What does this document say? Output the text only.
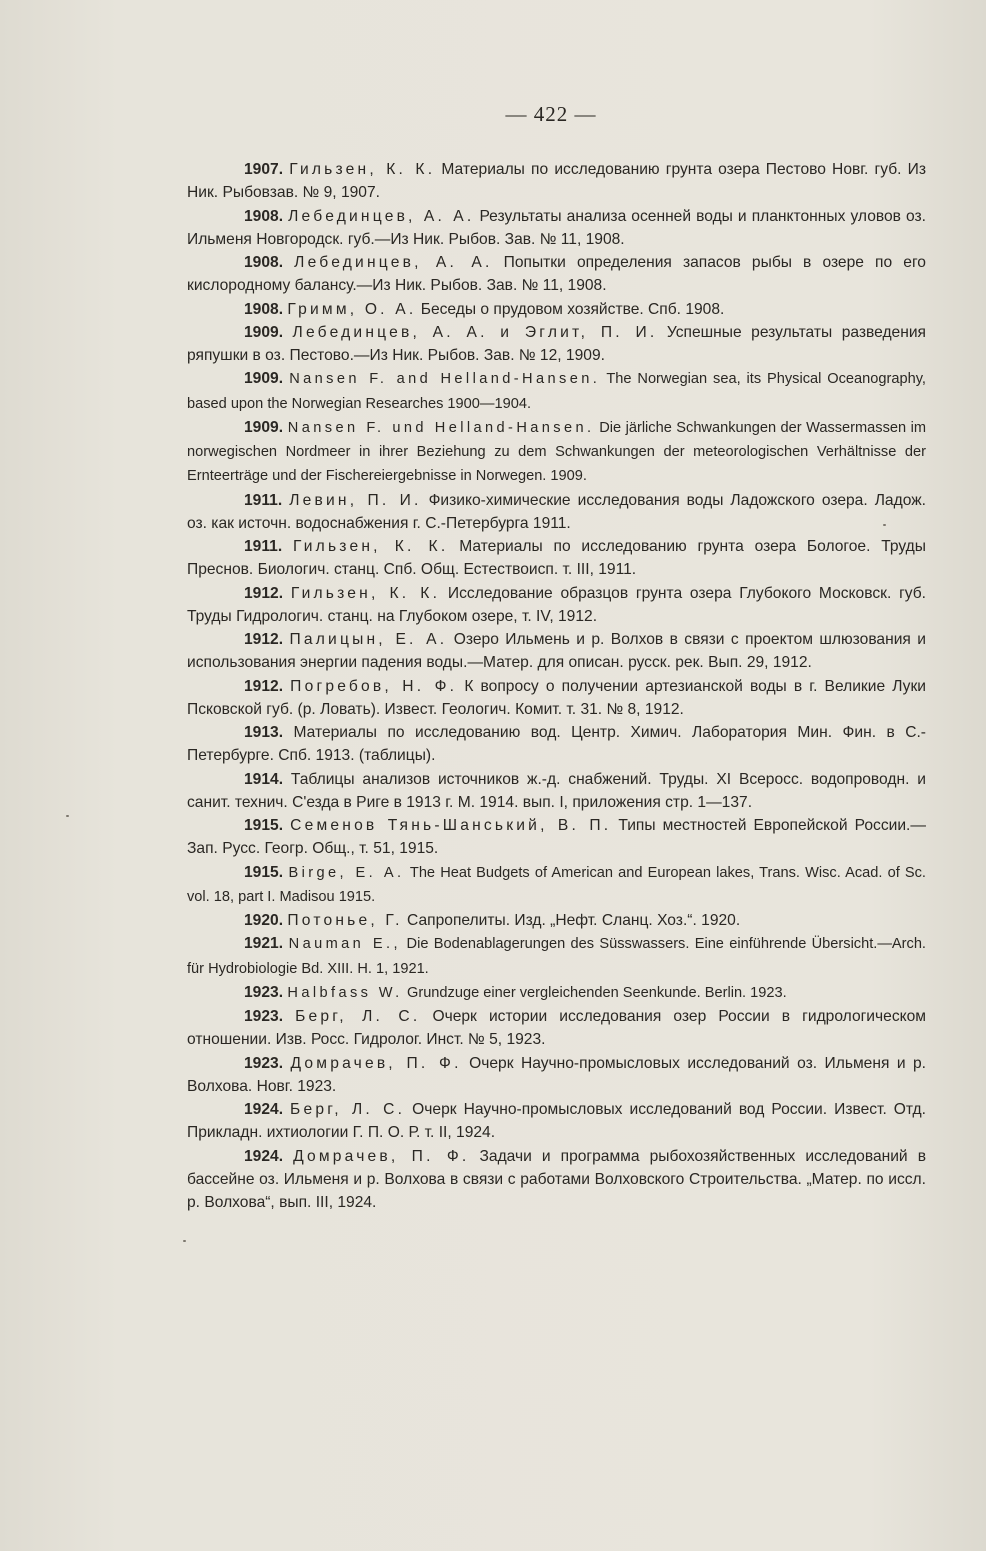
— 422 —

1907. Гильзен, К. К. Материалы по исследованию грунта озера Пестово Новг. губ. Из Ник. Рыбовзав. № 9, 1907.

1908. Лебединцев, А. А. Результаты анализа осенней воды и планктонных уловов оз. Ильменя Новгородск. губ.—Из Ник. Рыбов. Зав. № 11, 1908.

1908. Лебединцев, А. А. Попытки определения запасов рыбы в озере по его кислородному балансу.—Из Ник. Рыбов. Зав. № 11, 1908.

1908. Гримм, О. А. Беседы о прудовом хозяйстве. Спб. 1908.

1909. Лебединцев, А. А. и Эглит, П. И. Успешные результаты разведения ряпушки в оз. Пестово.—Из Ник. Рыбов. Зав. № 12, 1909.

1909. Nansen F. and Helland-Hansen. The Norwegian sea, its Physical Oceanography, based upon the Norwegian Researches 1900—1904.

1909. Nansen F. und Helland-Hansen. Die järliche Schwankungen der Wassermassen im norwegischen Nordmeer in ihrer Beziehung zu dem Schwankungen der meteorologischen Verhältnisse der Ernteerträge und der Fischereiergebnisse in Norwegen. 1909.

1911. Левин, П. И. Физико-химические исследования воды Ладожского озера. Ладож. оз. как источн. водоснабжения г. С.-Петербурга 1911.

1911. Гильзен, К. К. Материалы по исследованию грунта озера Бологое. Труды Преснов. Биологич. станц. Спб. Общ. Естествоисп. т. III, 1911.

1912. Гильзен, К. К. Исследование образцов грунта озера Глубокого Московск. губ. Труды Гидрологич. станц. на Глубоком озере, т. IV, 1912.

1912. Палицын, Е. А. Озеро Ильмень и р. Волхов в связи с проектом шлюзования и использования энергии падения воды.—Матер. для описан. русск. рек. Вып. 29, 1912.

1912. Погребов, Н. Ф. К вопросу о получении артезианской воды в г. Великие Луки Псковской губ. (р. Ловать). Извест. Геологич. Комит. т. 31. № 8, 1912.

1913. Материалы по исследованию вод. Центр. Химич. Лаборатория Мин. Фин. в С.-Петербурге. Спб. 1913. (таблицы).

1914. Таблицы анализов источников ж.-д. снабжений. Труды. XI Всеросс. водопроводн. и санит. технич. С'езда в Риге в 1913 г. М. 1914. вып. I, приложения стр. 1—137.

1915. Семенов Тянь-Шанський, В. П. Типы местностей Европейской России.—Зап. Русс. Геогр. Общ., т. 51, 1915.

1915. Birge, E. A. The Heat Budgets of American and European lakes, Trans. Wisc. Acad. of Sc. vol. 18, part I. Madisou 1915.

1920. Потонье, Г. Сапропелиты. Изд. „Нефт. Сланц. Хоз.“. 1920.

1921. Nauman E., Die Bodenablagerungen des Süsswassers. Eine einführende Übersicht.—Arch. für Hydrobiologie Bd. XIII. H. 1, 1921.

1923. Halbfass W. Grundzuge einer vergleichenden Seenkunde. Berlin. 1923.

1923. Берг, Л. С. Очерк истории исследования озер России в гидрологическом отношении. Изв. Росс. Гидролог. Инст. № 5, 1923.

1923. Домрачев, П. Ф. Очерк Научно-промысловых исследований оз. Ильменя и р. Волхова. Новг. 1923.

1924. Берг, Л. С. Очерк Научно-промысловых исследований вод России. Извест. Отд. Прикладн. ихтиологии Г. П. О. Р. т. II, 1924.

1924. Домрачев, П. Ф. Задачи и программа рыбохозяйственных исследований в бассейне оз. Ильменя и р. Волхова в связи с работами Волховского Строительства. „Матер. по иссл. р. Волхова“, вып. III, 1924.
